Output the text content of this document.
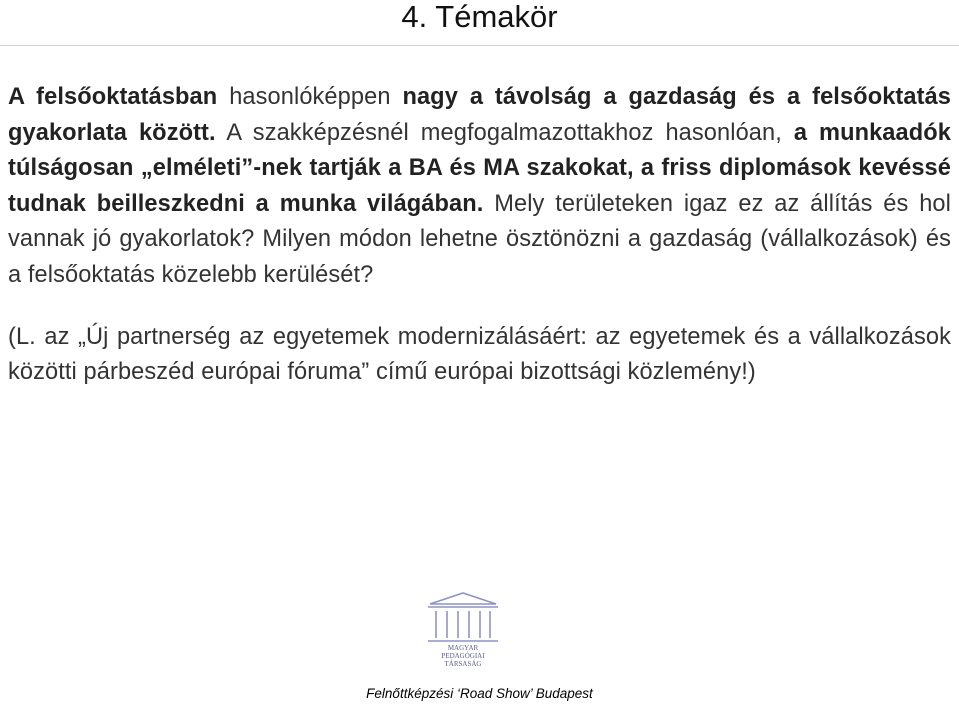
4. Témakör

A felsőoktatásban hasonlóképpen nagy a távolság a gazdaság és a felsőoktatás gyakorlata között. A szakképzésnél megfogalmazottakhoz hasonlóan, a munkaadók túlságosan „elméleti”-nek tartják a BA és MA szakokat, a friss diplomások kevéssé tudnak beilleszkedni a munka világában. Mely területeken igaz ez az állítás és hol vannak jó gyakorlatok? Milyen módon lehetne ösztönözni a gazdaság (vállalkozások) és a felsőoktatás közelebb kerülését?

(L. az „Új partnerség az egyetemek modernizálásáért: az egyetemek és a vállalkozások közötti párbeszéd európai fóruma” című európai bizottsági közlemény!)

MAGYAR
PEDAGÓGIAI
TÁRSASÁG
Felnőttképzési ‘Road Show’ Budapest
